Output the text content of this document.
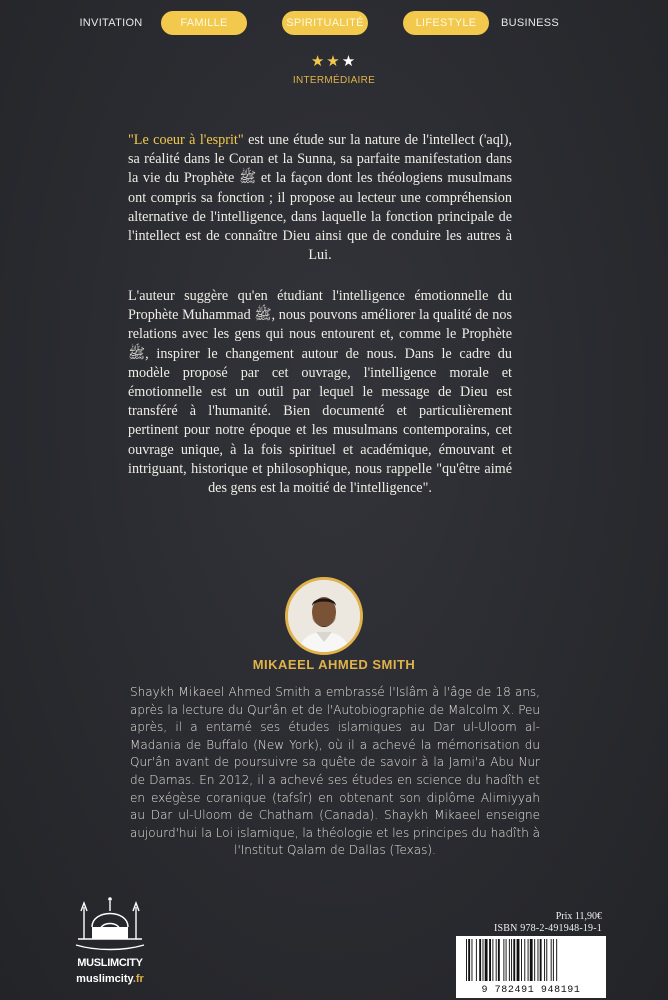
INVITATION	FAMILLE	SPIRITUALITÉ	LIFESTYLE	BUSINESS
★★★
INTERMÉDIAIRE
"Le coeur à l'esprit" est une étude sur la nature de l'intellect ('aql), sa réalité dans le Coran et la Sunna, sa parfaite manifestation dans la vie du Prophète ﷺ et la façon dont les théologiens musulmans ont compris sa fonction ; il propose au lecteur une compréhension alternative de l'intelligence, dans laquelle la fonction principale de l'intellect est de connaître Dieu ainsi que de conduire les autres à Lui.
L'auteur suggère qu'en étudiant l'intelligence émotionnelle du Prophète Muhammad ﷺ, nous pouvons améliorer la qualité de nos relations avec les gens qui nous entourent et, comme le Prophète ﷺ, inspirer le changement autour de nous. Dans le cadre du modèle proposé par cet ouvrage, l'intelligence morale et émotionnelle est un outil par lequel le message de Dieu est transféré à l'humanité. Bien documenté et particulièrement pertinent pour notre époque et les musulmans contemporains, cet ouvrage unique, à la fois spirituel et académique, émouvant et intriguant, historique et philosophique, nous rappelle "qu'être aimé des gens est la moitié de l'intelligence".
MIKAEEL AHMED SMITH
Shaykh Mikaeel Ahmed Smith a embrassé l'Islâm à l'âge de 18 ans, après la lecture du Qur'ân et de l'Autobiographie de Malcolm X. Peu après, il a entamé ses études islamiques au Dar ul-Uloom al-Madania de Buffalo (New York), où il a achevé la mémorisation du Qur'ân avant de poursuivre sa quête de savoir à la Jami'a Abu Nur de Damas. En 2012, il a achevé ses études en science du hadîth et en exégèse coranique (tafsîr) en obtenant son diplôme Alimiyyah au Dar ul-Uloom de Chatham (Canada). Shaykh Mikaeel enseigne aujourd'hui la Loi islamique, la théologie et les principes du hadîth à l'Institut Qalam de Dallas (Texas).
MUSLIMCITY
muslimcity.fr
Prix 11,90€
ISBN 978-2-491948-19-1
9 782491 948191
